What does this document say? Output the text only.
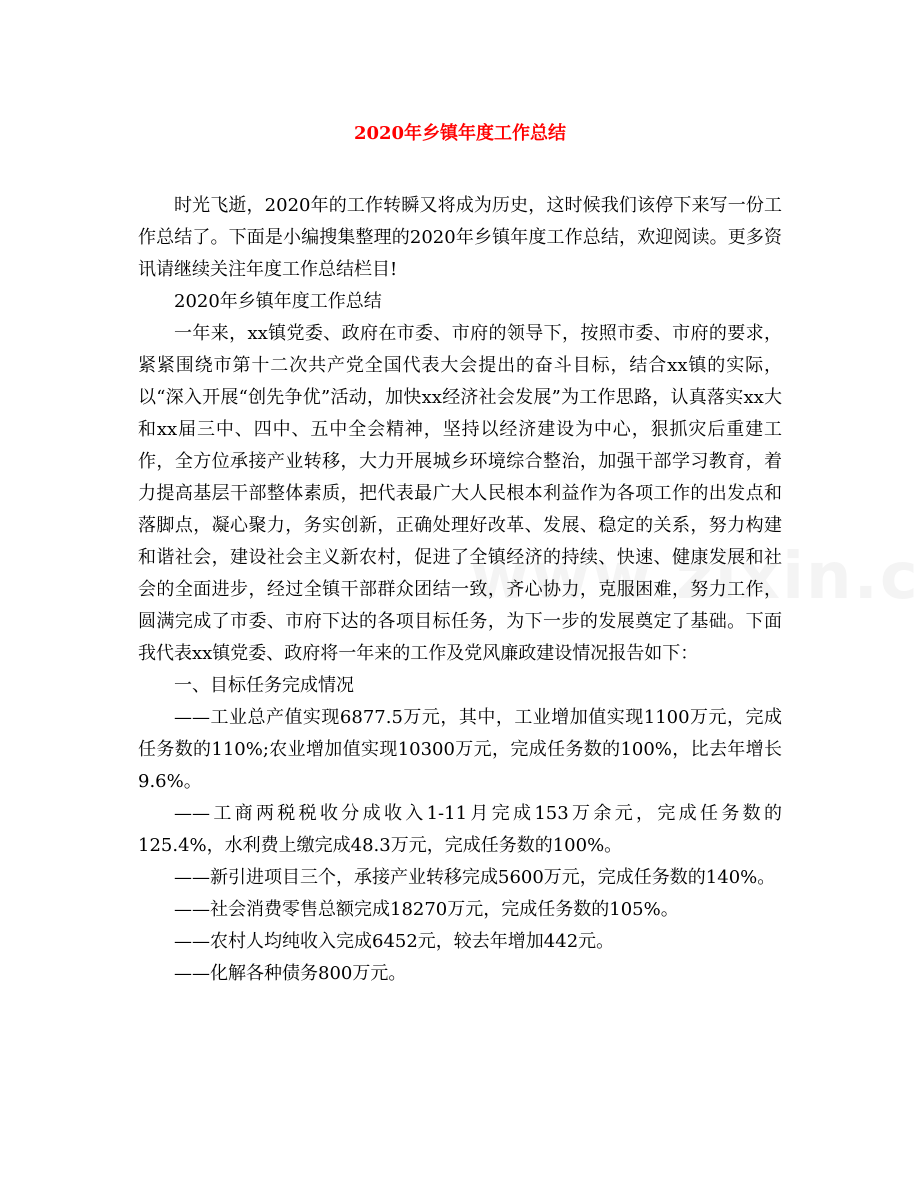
2020年乡镇年度工作总结

时光飞逝，2020年的工作转瞬又将成为历史，这时候我们该停下来写一份工作总结了。下面是小编搜集整理的2020年乡镇年度工作总结，欢迎阅读。更多资讯请继续关注年度工作总结栏目!

2020年乡镇年度工作总结

一年来，xx镇党委、政府在市委、市府的领导下，按照市委、市府的要求，紧紧围绕市第十二次共产党全国代表大会提出的奋斗目标，结合xx镇的实际，以“深入开展“创先争优”活动，加快xx经济社会发展”为工作思路，认真落实xx大和xx届三中、四中、五中全会精神，坚持以经济建设为中心，狠抓灾后重建工作，全方位承接产业转移，大力开展城乡环境综合整治，加强干部学习教育，着力提高基层干部整体素质，把代表最广大人民根本利益作为各项工作的出发点和落脚点，凝心聚力，务实创新，正确处理好改革、发展、稳定的关系，努力构建和谐社会，建设社会主义新农村，促进了全镇经济的持续、快速、健康发展和社会的全面进步，经过全镇干部群众团结一致，齐心协力，克服困难，努力工作，圆满完成了市委、市府下达的各项目标任务，为下一步的发展奠定了基础。下面我代表xx镇党委、政府将一年来的工作及党风廉政建设情况报告如下：

一、目标任务完成情况

——工业总产值实现6877.5万元，其中，工业增加值实现1100万元，完成任务数的110%;农业增加值实现10300万元，完成任务数的100%，比去年增长9.6%。

——工商两税税收分成收入1-11月完成153万余元，完成任务数的125.4%，水利费上缴完成48.3万元，完成任务数的100%。

——新引进项目三个，承接产业转移完成5600万元，完成任务数的140%。

——社会消费零售总额完成18270万元，完成任务数的105%。

——农村人均纯收入完成6452元，较去年增加442元。

——化解各种债务800万元。
